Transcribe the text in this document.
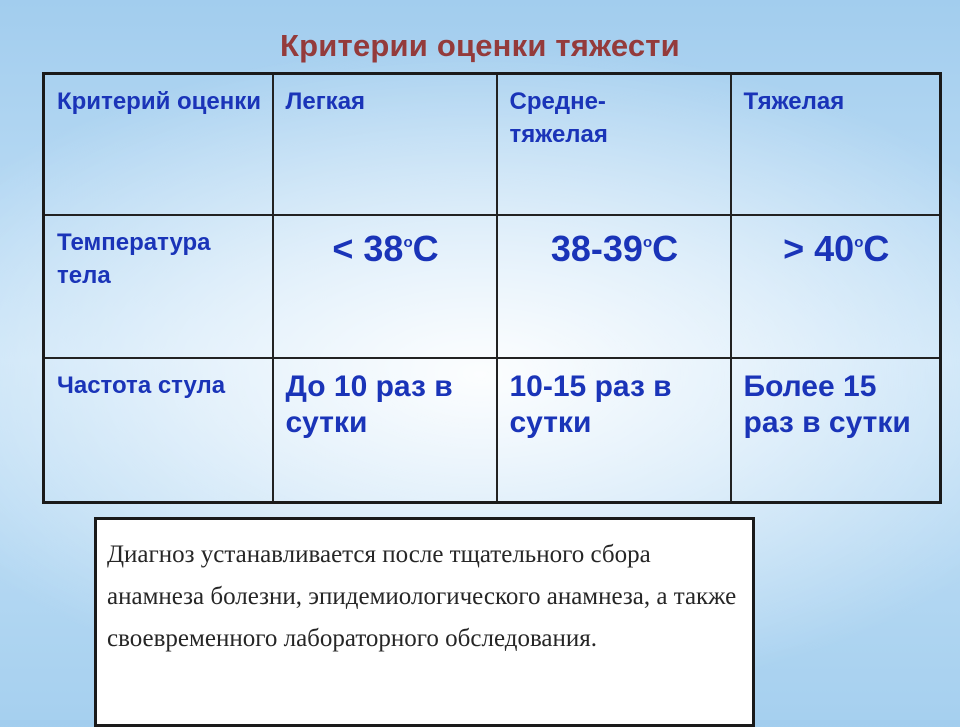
Критерии оценки тяжести
Критерий оценки	Легкая	Средне-тяжелая	Тяжелая

Температура тела	< $38^оС$	$38-39^оС$	> $40^оС$

Частота стула	До 10 раз в сутки	10-15 раз в сутки	Более 15 раз в сутки
Диагноз устанавливается после тщательного сбора анамнеза болезни, эпидемиологического анамнеза, а также своевременного лабораторного обследования.
